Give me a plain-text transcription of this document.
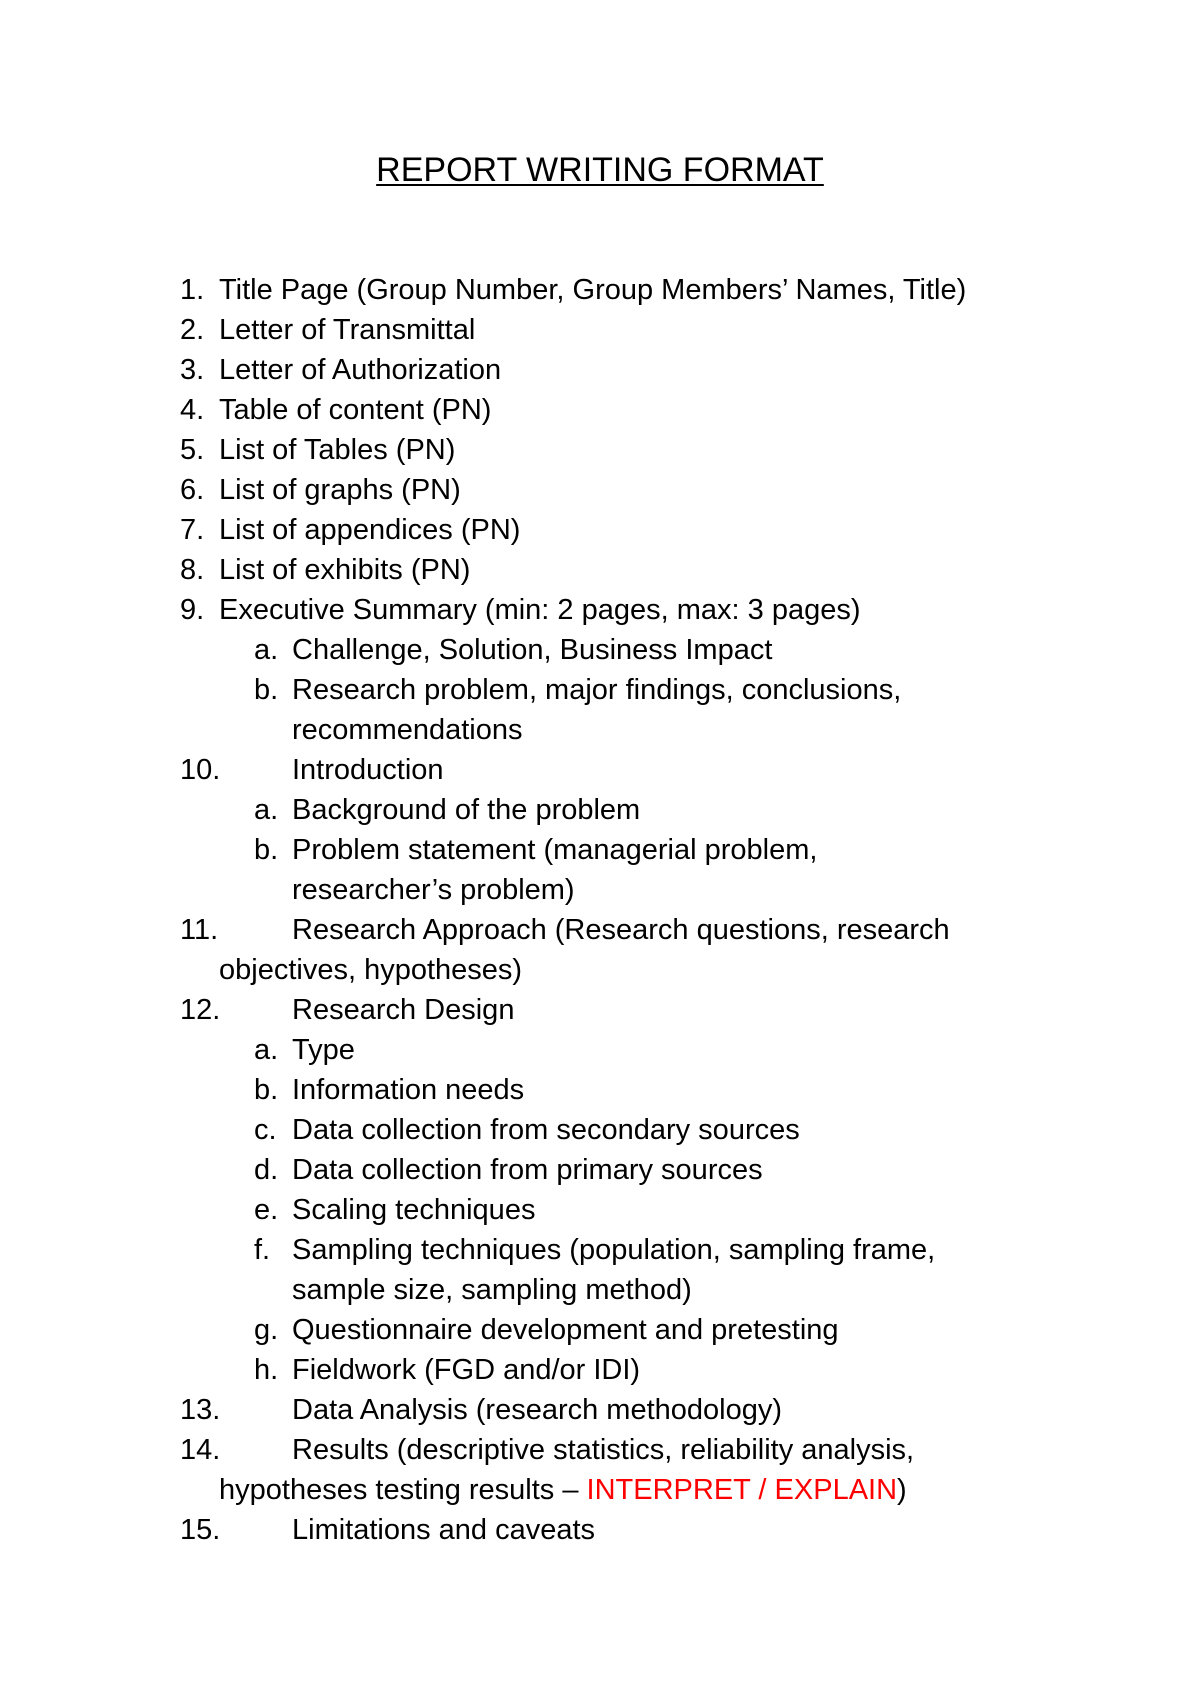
REPORT WRITING FORMAT
1. Title Page (Group Number, Group Members’ Names, Title)
2. Letter of Transmittal
3. Letter of Authorization
4. Table of content (PN)
5. List of Tables (PN)
6. List of graphs (PN)
7. List of appendices (PN)
8. List of exhibits (PN)
9. Executive Summary (min: 2 pages, max: 3 pages)
a. Challenge, Solution, Business Impact
b. Research problem, major findings, conclusions,
recommendations
10. Introduction
a. Background of the problem
b. Problem statement (managerial problem,
researcher’s problem)
11.	Research Approach (Research questions, research
objectives, hypotheses)
12. Research Design
a. Type
b. Information needs
c. Data collection from secondary sources
d. Data collection from primary sources
e. Scaling techniques
f. Sampling techniques (population, sampling frame,
sample size, sampling method)
g. Questionnaire development and pretesting
h. Fieldwork (FGD and/or IDI)
13. Data Analysis (research methodology)
14. Results (descriptive statistics, reliability analysis,
hypotheses testing results – INTERPRET / EXPLAIN)
15. Limitations and caveats
